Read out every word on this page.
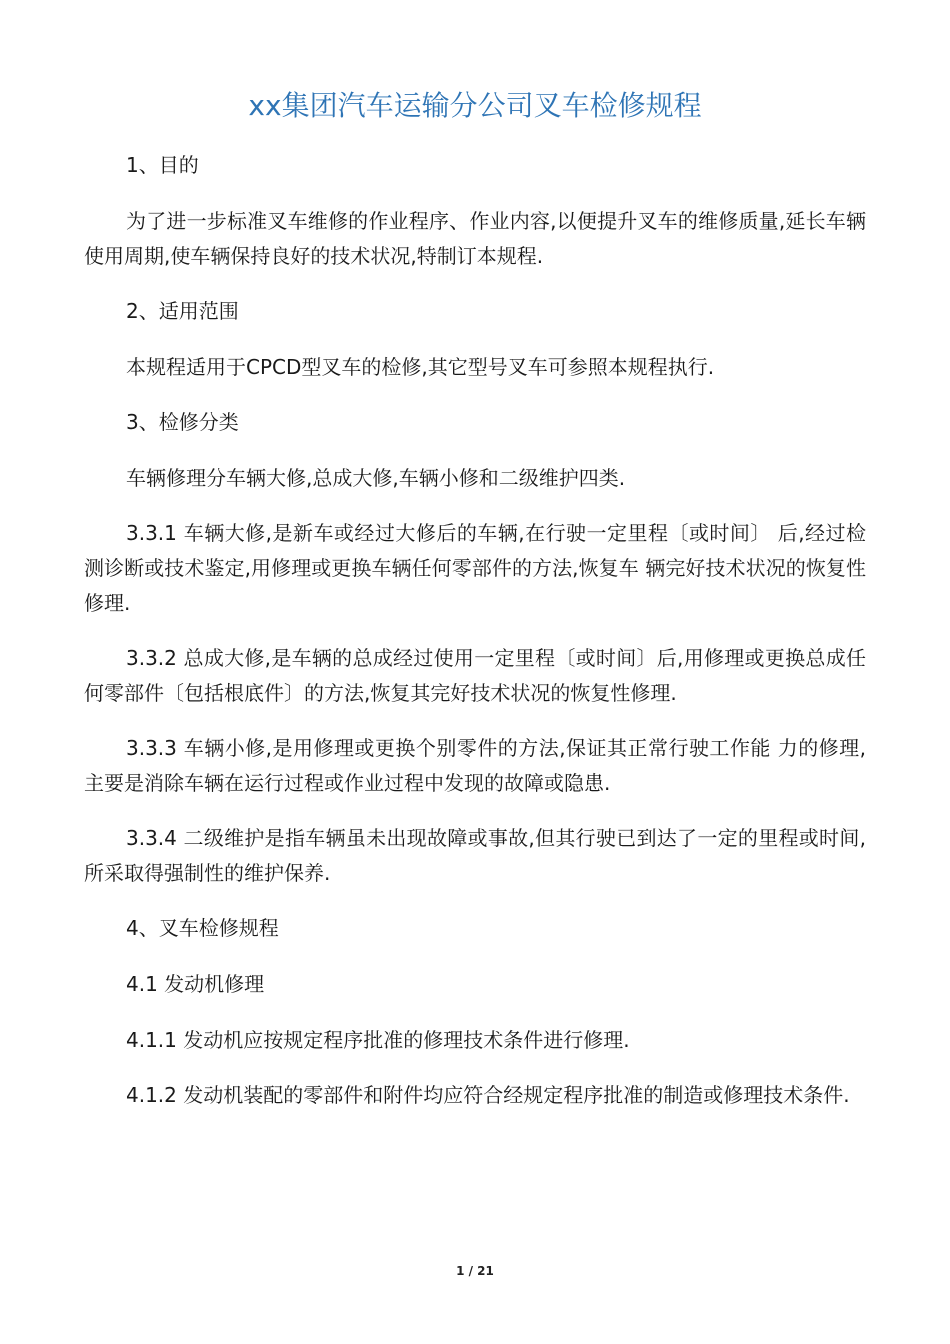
xx集团汽车运输分公司叉车检修规程

1、目的

为了进一步标准叉车维修的作业程序、作业内容,以便提升叉车的维修质量,延长车辆使用周期,使车辆保持良好的技术状况,特制订本规程.

2、适用范围

本规程适用于CPCD型叉车的检修,其它型号叉车可参照本规程执行.

3、检修分类

车辆修理分车辆大修,总成大修,车辆小修和二级维护四类.

3.3.1 车辆大修,是新车或经过大修后的车辆,在行驶一定里程〔或时间〕 后,经过检测诊断或技术鉴定,用修理或更换车辆任何零部件的方法,恢复车 辆完好技术状况的恢复性修理.

3.3.2 总成大修,是车辆的总成经过使用一定里程〔或时间〕后,用修理或更换总成任何零部件〔包括根底件〕的方法,恢复其完好技术状况的恢复性修理.

3.3.3 车辆小修,是用修理或更换个别零件的方法,保证其正常行驶工作能 力的修理,主要是消除车辆在运行过程或作业过程中发现的故障或隐患.

3.3.4 二级维护是指车辆虽未出现故障或事故,但其行驶已到达了一定的里程或时间,所采取得强制性的维护保养.

4、叉车检修规程

4.1 发动机修理

4.1.1 发动机应按规定程序批准的修理技术条件进行修理.

4.1.2 发动机装配的零部件和附件均应符合经规定程序批准的制造或修理技术条件.

1 / 21
